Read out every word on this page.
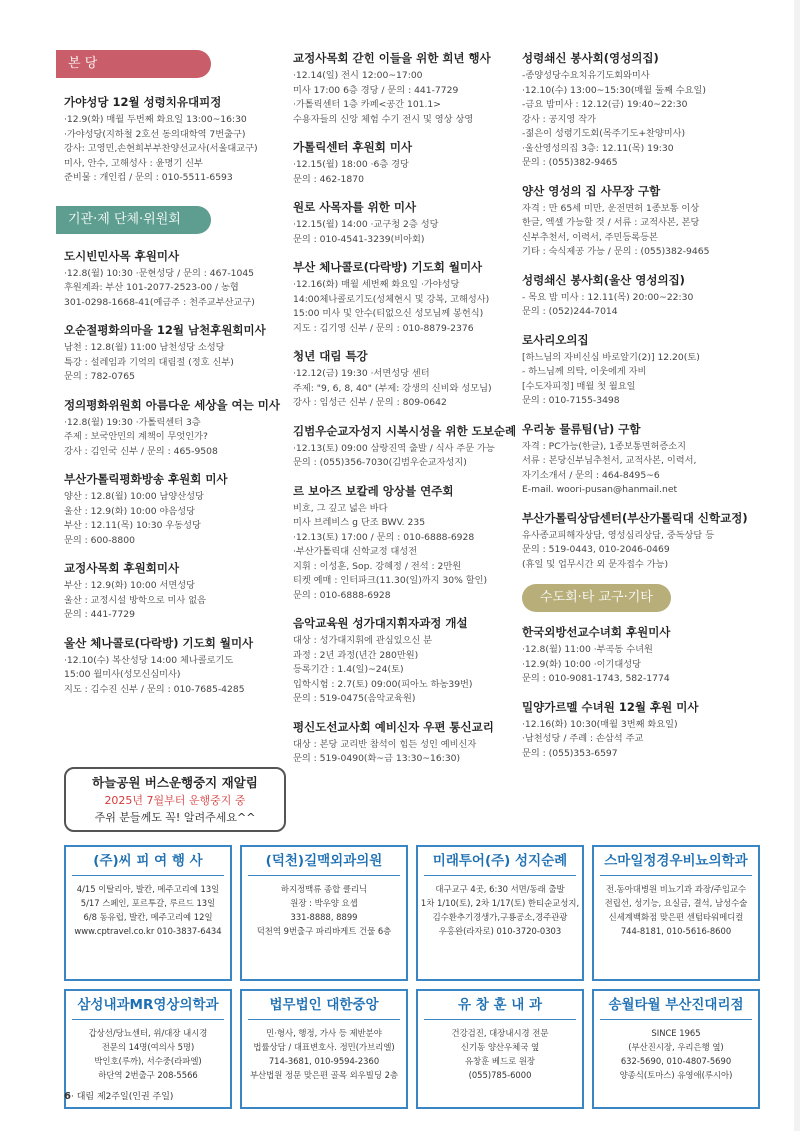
본 당
가야성당 12월 성령치유대피정
·12.9(화) 매월 두번째 화요일 13:00~16:30
·가야성당(지하철 2호선 동의대학역 7번출구)
강사: 고영민,손현희부부찬양선교사(서울대교구)
미사, 안수, 고해성사 : 윤명기 신부
준비물 : 개인컵 / 문의 : 010-5511-6593
기관·제 단체·위원회
도시빈민사목 후원미사
·12.8(월) 10:30 ·문현성당 / 문의 : 467-1045
후원계좌: 부산 101-2077-2523-00 / 농협
301-0298-1668-41(예금주 : 천주교부산교구)
오순절평화의마을 12월 남천후원회미사
남천 : 12.8(월) 11:00 남천성당 소성당
특강 : 설레임과 기억의 대림절 (정호 신부)
문의 : 782-0765
정의평화위원회 아름다운 세상을 여는 미사
·12.8(월) 19:30 ·가톨릭센터 3층
주제 : 보국안민의 계책이 무엇인가?
강사 : 김인국 신부 / 문의 : 465-9508
부산가톨릭평화방송 후원회 미사
양산 : 12.8(월) 10:00 남양산성당
울산 : 12.9(화) 10:00 야음성당
부산 : 12.11(목) 10:30 우동성당
문의 : 600-8800
교정사목회 후원회미사
부산 : 12.9(화) 10:00 서면성당
울산 : 교정시설 방학으로 미사 없음
문의 : 441-7729
울산 체나콜로(다락방) 기도회 월미사
·12.10(수) 복산성당 14:00 체나콜로기도
15:00 월미사(성모신심미사)
지도 : 김수진 신부 / 문의 : 010-7685-4285
하늘공원 버스운행중지 재알림
2025년 7월부터 운행중지 중
주위 분들께도 꼭! 알려주세요^^
교정사목회 갇힌 이들을 위한 희년 행사
·12.14(일) 전시 12:00~17:00
미사 17:00 6층 경당 / 문의 : 441-7729
·가톨릭센터 1층 카페<공간 101.1>
수용자들의 신앙 체험 수기 전시 및 영상 상영
가톨릭센터 후원회 미사
·12.15(월) 18:00 ·6층 경당
문의 : 462-1870
원로 사목자를 위한 미사
·12.15(월) 14:00 ·교구청 2층 성당
문의 : 010-4541-3239(비아회)
부산 체나콜로(다락방) 기도회 월미사
·12.16(화) 매월 세번째 화요일 ·가야성당
14:00체나콜로기도(성체현시 및 강복, 고해성사)
15:00 미사 및 안수(티없으신 성모님께 봉헌식)
지도 : 김기영 신부 / 문의 : 010-8879-2376
청년 대림 특강
·12.12(금) 19:30 ·서면성당 센터
주제: "9, 6, 8, 40" (부제: 강생의 신비와 성모님)
강사 : 임성근 신부 / 문의 : 809-0642
김범우순교자성지 시복시성을 위한 도보순례
·12.13(토) 09:00 삼랑진역 출발 / 식사 주문 가능
문의 : (055)356-7030(김범우순교자성지)
르 보아즈 보칼레 앙상블 연주회
비흐, 그 깊고 넓은 바다
미사 브레비스 g 단조 BWV. 235
·12.13(토) 17:00 / 문의 : 010-6888-6928
·부산가톨릭대 신학교정 대성전
지휘 : 이성훈, Sop. 강혜정 / 전석 : 2만원
티켓 예매 : 인터파크(11.30(일)까지 30% 할인)
문의 : 010-6888-6928
음악교육원 성가대지휘자과정 개설
대상 : 성가대지휘에 관심있으신 분
과정 : 2년 과정(년간 280만원)
등록기간 : 1.4(일)~24(토)
입학시험 : 2.7(토) 09:00(피아노 하농39번)
문의 : 519-0475(음악교육원)
평신도선교사회 예비신자 우편 통신교리
대상 : 본당 교리반 참석이 힘든 성인 예비신자
문의 : 519-0490(화~금 13:30~16:30)
성령쇄신 봉사회(영성의집)
-종양성당수요치유기도회와미사
·12.10(수) 13:00~15:30(매월 둘째 수요일)
-금요 밤미사 : 12.12(금) 19:40~22:30
강사 : 공지영 작가
-젊은이 성령기도회(목주기도+찬양미사)
·울산영성의집 3층: 12.11(목) 19:30
문의 : (055)382-9465
양산 영성의 집 사무장 구함
자격 : 만 65세 미만, 운전면허 1종보통 이상
한글, 엑셀 가능할 것 / 서류 : 교적사본, 본당
신부추천서, 이력서, 주민등록등본
기타 : 숙식제공 가능 / 문의 : (055)382-9465
성령쇄신 봉사회(울산 영성의집)
- 목요 밤 미사 : 12.11(목) 20:00~22:30
문의 : (052)244-7014
로사리오의집
[하느님의 자비신심 바로알기(2)] 12.20(토)
- 하느님께 의탁, 이웃에게 자비
[수도자피정] 매월 첫 월요일
문의 : 010-7155-3498
우리농 물류팀(남) 구함
자격 : PC가능(한글), 1종보통면허증소지
서류 : 본당신부님추천서, 교적사본, 이력서,
자기소개서 / 문의 : 464-8495~6
E-mail. woori-pusan@hanmail.net
부산가톨릭상담센터(부산가톨릭대 신학교정)
유사종교피해자상담, 영성심리상담, 중독상담 등
문의 : 519-0443, 010-2046-0469
(휴일 및 업무시간 외 문자접수 가능)
수도회·타 교구·기타
한국외방선교수녀회 후원미사
·12.8(월) 11:00 ·부곡동 수녀원
·12.9(화) 10:00 ·이기대성당
문의 : 010-9081-1743, 582-1774
밀양가르멜 수녀원 12월 후원 미사
·12.16(화) 10:30(매월 3번째 화요일)
·남천성당 / 주례 : 손삼석 주교
문의 : (055)353-6597
(주)씨 피 여 행 사
4/15 이탈리아, 발칸, 메주고리예 13일
5/17 스페인, 포르투갈, 루르드 13일
6/8 동유럽, 발칸, 메주고리예 12일
www.cptravel.co.kr 010-3837-6434
(덕천)길맥외과의원
하지정맥류 종합 클리닉
원장 : 박우양 요셉
331-8888, 8899
덕천역 9번출구 파리바게트 건물 6층
미래투어(주) 성지순례
대구교구 4곳, 6:30 서면/동래 출발
1차 1/10(토), 2차 1/17(토) 한티순교성지,
김수환추기경생가,구룡공소,경주관광
우홍완(라자로) 010-3720-0303
스마일정경우비뇨의학과
전.동아대병원 비뇨기과 과장/주임교수
전립선, 성기능, 요실금, 결석, 남성수술
신세계백화점 맞은편 센텀타워메디컬
744-8181, 010-5616-8600
삼성내과MR영상의학과
갑상선/당뇨센터, 위/대장 내시경
전문의 14명(여의사 5명)
박인호(루까), 서수중(라파엘)
하단역 2번출구 208-5566
법무법인 대한중앙
민·형사, 행정, 가사 등 제반분야
법률상담 / 대표변호사. 정민(가브리엘)
714-3681, 010-9594-2360
부산법원 정문 맞은편 골목 외우빌딩 2층
유 창 훈 내 과
건강검진, 대장내시경 전문
신기동 양산우체국 옆
유창훈 베드로 원장
(055)785-6000
송월타월 부산진대리점
SINCE 1965
(부산진시장, 우리은행 옆)
632-5690, 010-4807-5690
양종식(토마스) 유영애(루시아)
6· 대림 제2주일(인권 주일)
